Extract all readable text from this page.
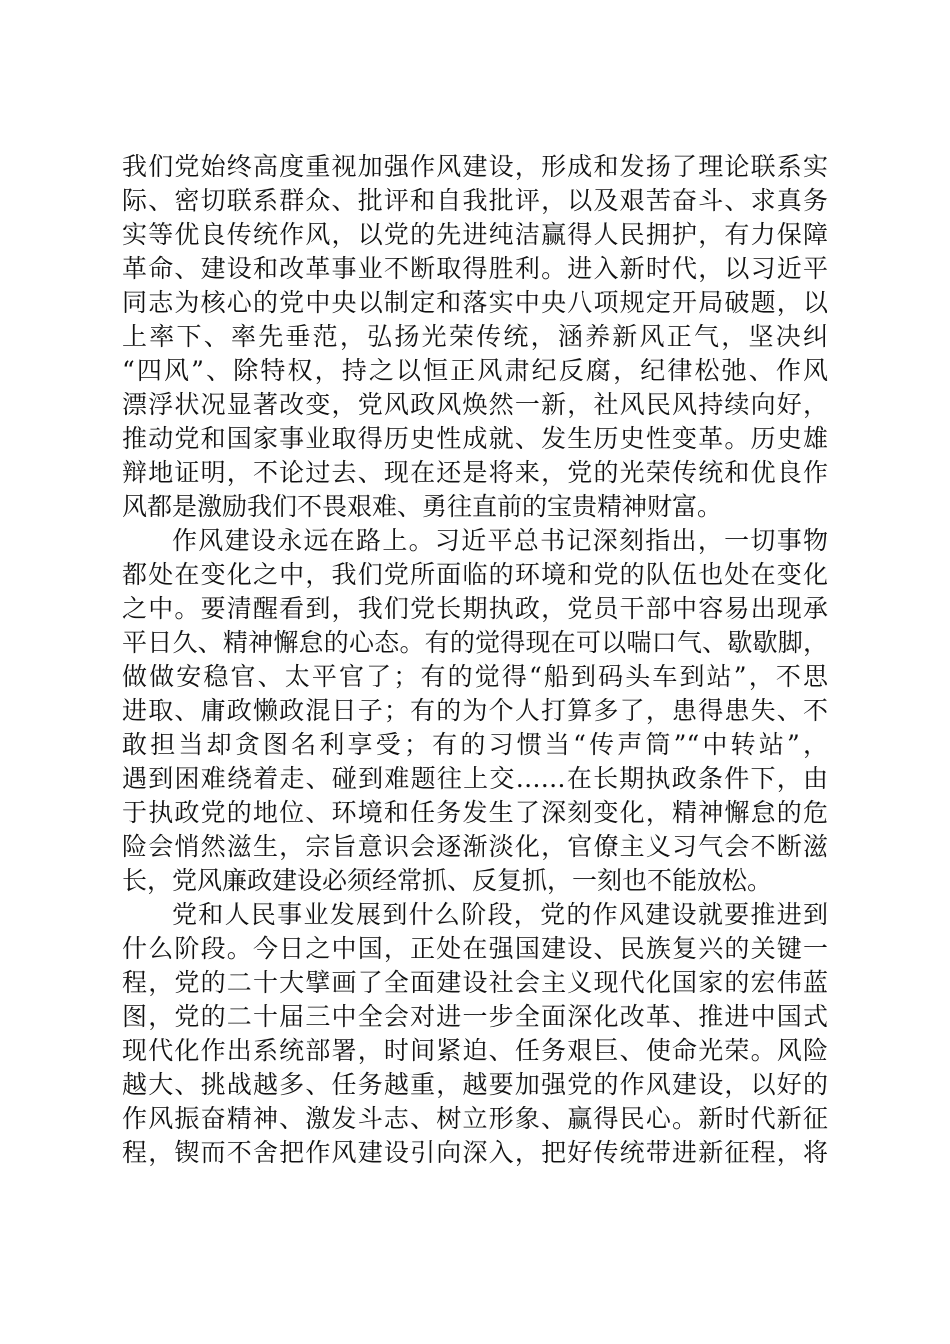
我们党始终高度重视加强作风建设，形成和发扬了理论联系实
际、密切联系群众、批评和自我批评，以及艰苦奋斗、求真务
实等优良传统作风，以党的先进纯洁赢得人民拥护，有力保障
革命、建设和改革事业不断取得胜利。进入新时代，以习近平
同志为核心的党中央以制定和落实中央八项规定开局破题，以
上率下、率先垂范，弘扬光荣传统，涵养新风正气，坚决纠
“四风”、除特权，持之以恒正风肃纪反腐，纪律松弛、作风
漂浮状况显著改变，党风政风焕然一新，社风民风持续向好，
推动党和国家事业取得历史性成就、发生历史性变革。历史雄
辩地证明，不论过去、现在还是将来，党的光荣传统和优良作
风都是激励我们不畏艰难、勇往直前的宝贵精神财富。
作风建设永远在路上。习近平总书记深刻指出，一切事物
都处在变化之中，我们党所面临的环境和党的队伍也处在变化
之中。要清醒看到，我们党长期执政，党员干部中容易出现承
平日久、精神懈怠的心态。有的觉得现在可以喘口气、歇歇脚，
做做安稳官、太平官了；有的觉得“船到码头车到站”，不思
进取、庸政懒政混日子；有的为个人打算多了，患得患失、不
敢担当却贪图名利享受；有的习惯当“传声筒”“中转站”，
遇到困难绕着走、碰到难题往上交……在长期执政条件下，由
于执政党的地位、环境和任务发生了深刻变化，精神懈怠的危
险会悄然滋生，宗旨意识会逐渐淡化，官僚主义习气会不断滋
长，党风廉政建设必须经常抓、反复抓，一刻也不能放松。
党和人民事业发展到什么阶段，党的作风建设就要推进到
什么阶段。今日之中国，正处在强国建设、民族复兴的关键一
程，党的二十大擘画了全面建设社会主义现代化国家的宏伟蓝
图，党的二十届三中全会对进一步全面深化改革、推进中国式
现代化作出系统部署，时间紧迫、任务艰巨、使命光荣。风险
越大、挑战越多、任务越重，越要加强党的作风建设，以好的
作风振奋精神、激发斗志、树立形象、赢得民心。新时代新征
程，锲而不舍把作风建设引向深入，把好传统带进新征程，将
